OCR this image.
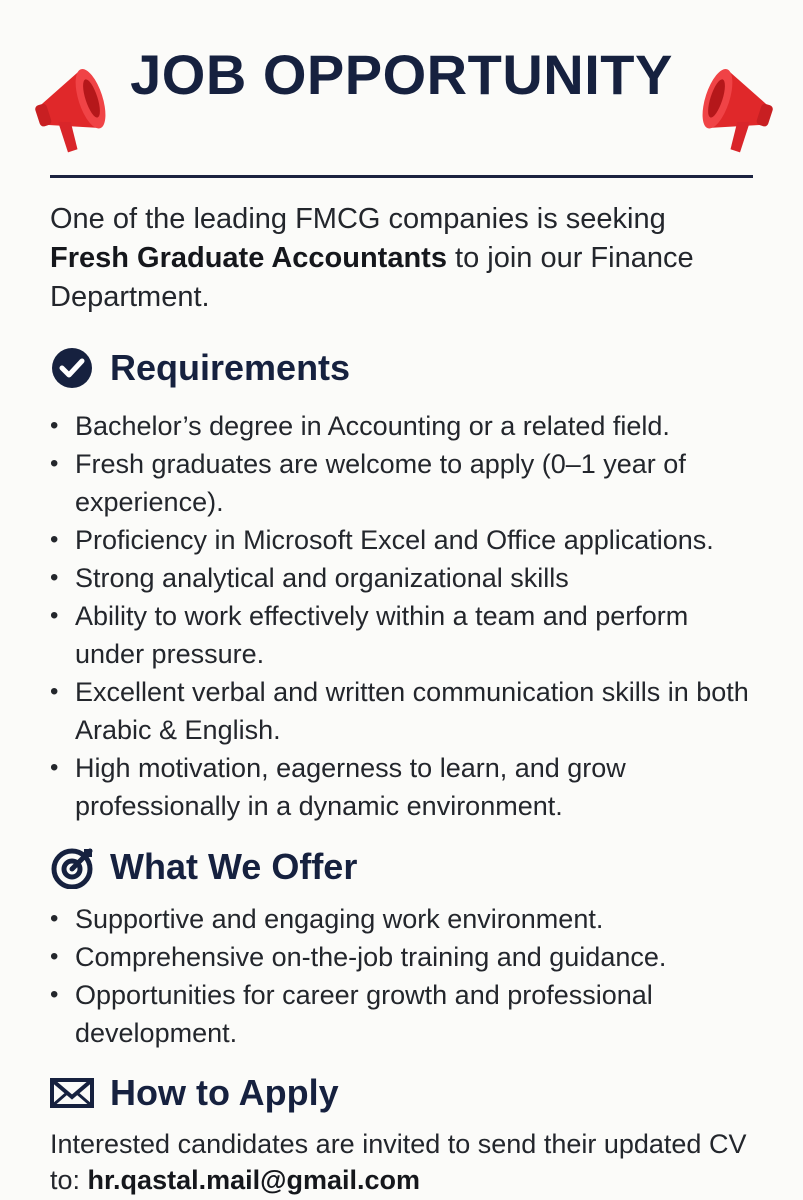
JOB OPPORTUNITY
One of the leading FMCG companies is seeking Fresh Graduate Accountants to join our Finance Department.
Requirements
• Bachelor’s degree in Accounting or a related field.
• Fresh graduates are welcome to apply (0–1 year of experience).
• Proficiency in Microsoft Excel and Office applications.
• Strong analytical and organizational skills
• Ability to work effectively within a team and perform under pressure.
• Excellent verbal and written communication skills in both Arabic & English.
• High motivation, eagerness to learn, and grow professionally in a dynamic environment.
What We Offer
• Supportive and engaging work environment.
• Comprehensive on-the-job training and guidance.
• Opportunities for career growth and professional development.
How to Apply
Interested candidates are invited to send their updated CV to: hr.qastal.mail@gmail.com
